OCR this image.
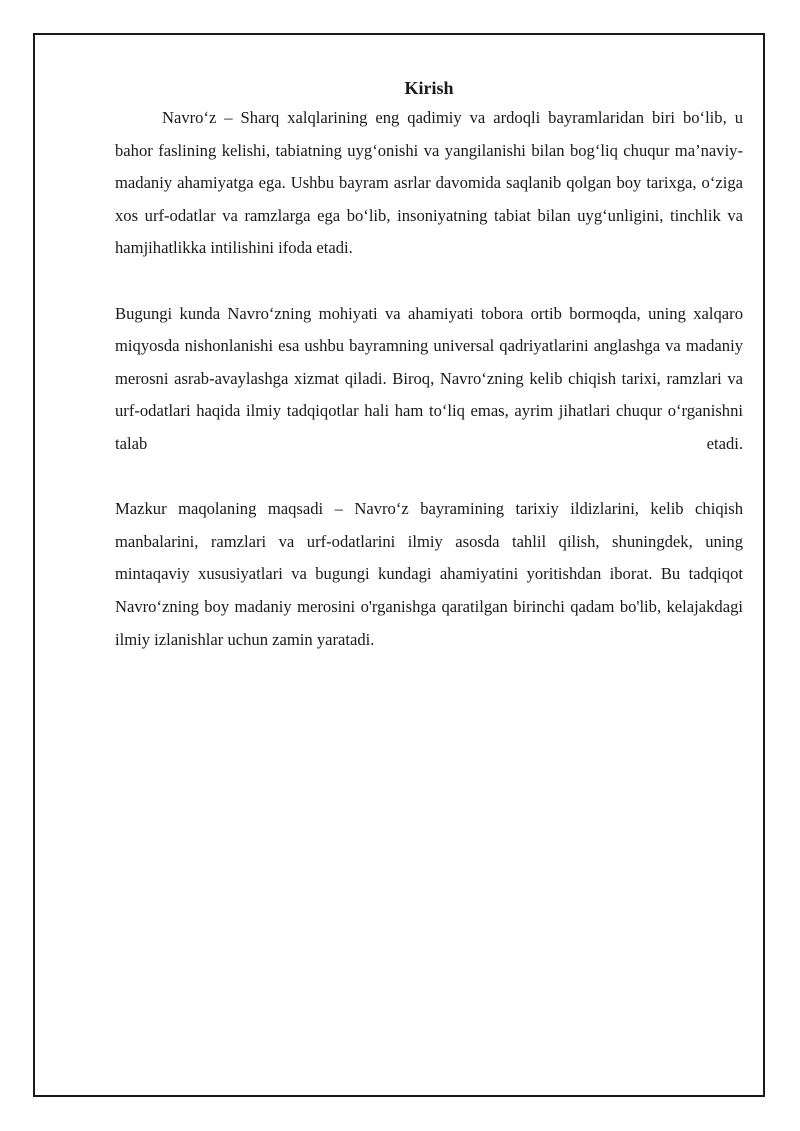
Kirish

Navro‘z – Sharq xalqlarining eng qadimiy va ardoqli bayramlaridan biri bo‘lib, u bahor faslining kelishi, tabiatning uyg‘onishi va yangilanishi bilan bog‘liq chuqur ma’naviy-madaniy ahamiyatga ega. Ushbu bayram asrlar davomida saqlanib qolgan boy tarixga, o‘ziga xos urf-odatlar va ramzlarga ega bo‘lib, insoniyatning tabiat bilan uyg‘unligini, tinchlik va hamjihatlikka intilishini ifoda etadi.

Bugungi kunda Navro‘zning mohiyati va ahamiyati tobora ortib bormoqda, uning xalqaro miqyosda nishonlanishi esa ushbu bayramning universal qadriyatlarini anglashga va madaniy merosni asrab-avaylashga xizmat qiladi. Biroq, Navro‘zning kelib chiqish tarixi, ramzlari va urf-odatlari haqida ilmiy tadqiqotlar hali ham to‘liq emas, ayrim jihatlari chuqur o‘rganishni talab etadi.

Mazkur maqolaning maqsadi – Navro‘z bayramining tarixiy ildizlarini, kelib chiqish manbalarini, ramzlari va urf-odatlarini ilmiy asosda tahlil qilish, shuningdek, uning mintaqaviy xususiyatlari va bugungi kundagi ahamiyatini yoritishdan iborat. Bu tadqiqot Navro‘zning boy madaniy merosini o'rganishga qaratilgan birinchi qadam bo'lib, kelajakdagi ilmiy izlanishlar uchun zamin yaratadi.
